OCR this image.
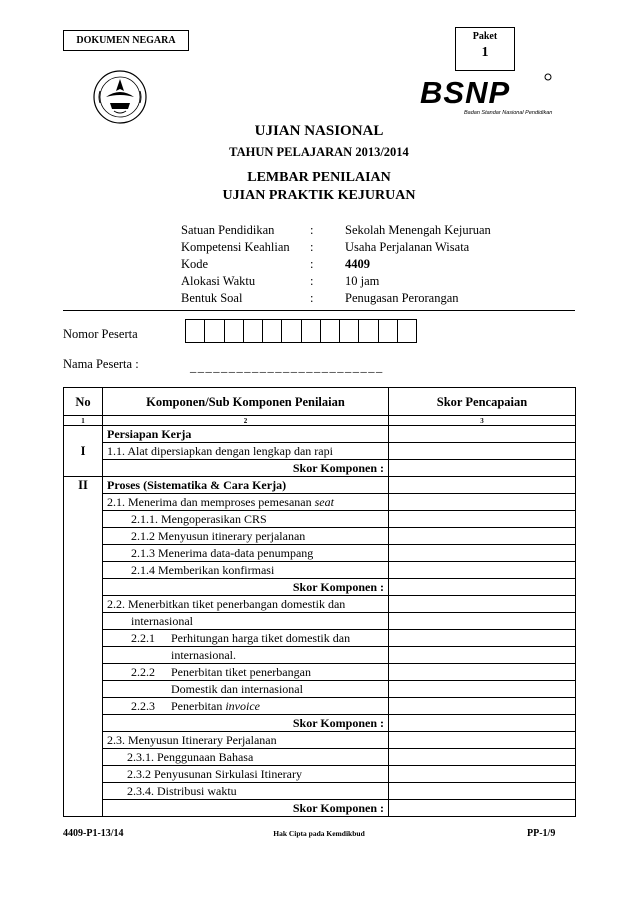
DOKUMEN NEGARA	Paket
1
BSNP
Badan Standar Nasional Pendidikan
UJIAN NASIONAL
TAHUN PELAJARAN 2013/2014
LEMBAR PENILAIAN
UJIAN PRAKTIK KEJURUAN
Satuan Pendidikan	:	Sekolah Menengah Kejuruan
Kompetensi Keahlian :	Usaha Perjalanan Wisata
Kode	:	4409
Alokasi Waktu	:	10 jam
Bentuk Soal	:	Penugasan Perorangan
Nomor Peserta
Nama Peserta :	_________________________
No	Komponen/Sub Komponen Penilaian	Skor Pencapaian
1	2	3
I	Persiapan Kerja	
	1.1. Alat dipersiapkan dengan lengkap dan rapi	
	Skor Komponen :	
II	Proses (Sistematika & Cara Kerja)	
	2.1. Menerima dan memproses pemesanan seat	
	2.1.1. Mengoperasikan CRS	
	2.1.2 Menyusun itinerary perjalanan	
	2.1.3 Menerima data-data penumpang	
	2.1.4 Memberikan konfirmasi	
	Skor Komponen :	
	2.2. Menerbitkan tiket penerbangan domestik dan	
	internasional	

	2.2.1 Perhitungan harga tiket domestik dan	

	internasional.	

	2.2.2 Penerbitan tiket penerbangan	

	Domestik dan internasional	

	2.2.3 Penerbitan invoice	

	Skor Komponen :	
	2.3. Menyusun Itinerary Perjalanan	
	2.3.1. Penggunaan Bahasa	
	2.3.2 Penyusunan Sirkulasi Itinerary	
	2.3.4. Distribusi waktu	
	Skor Komponen :	
4409-P1-13/14	Hak Cipta pada Kemdikbud	PP-1/9
